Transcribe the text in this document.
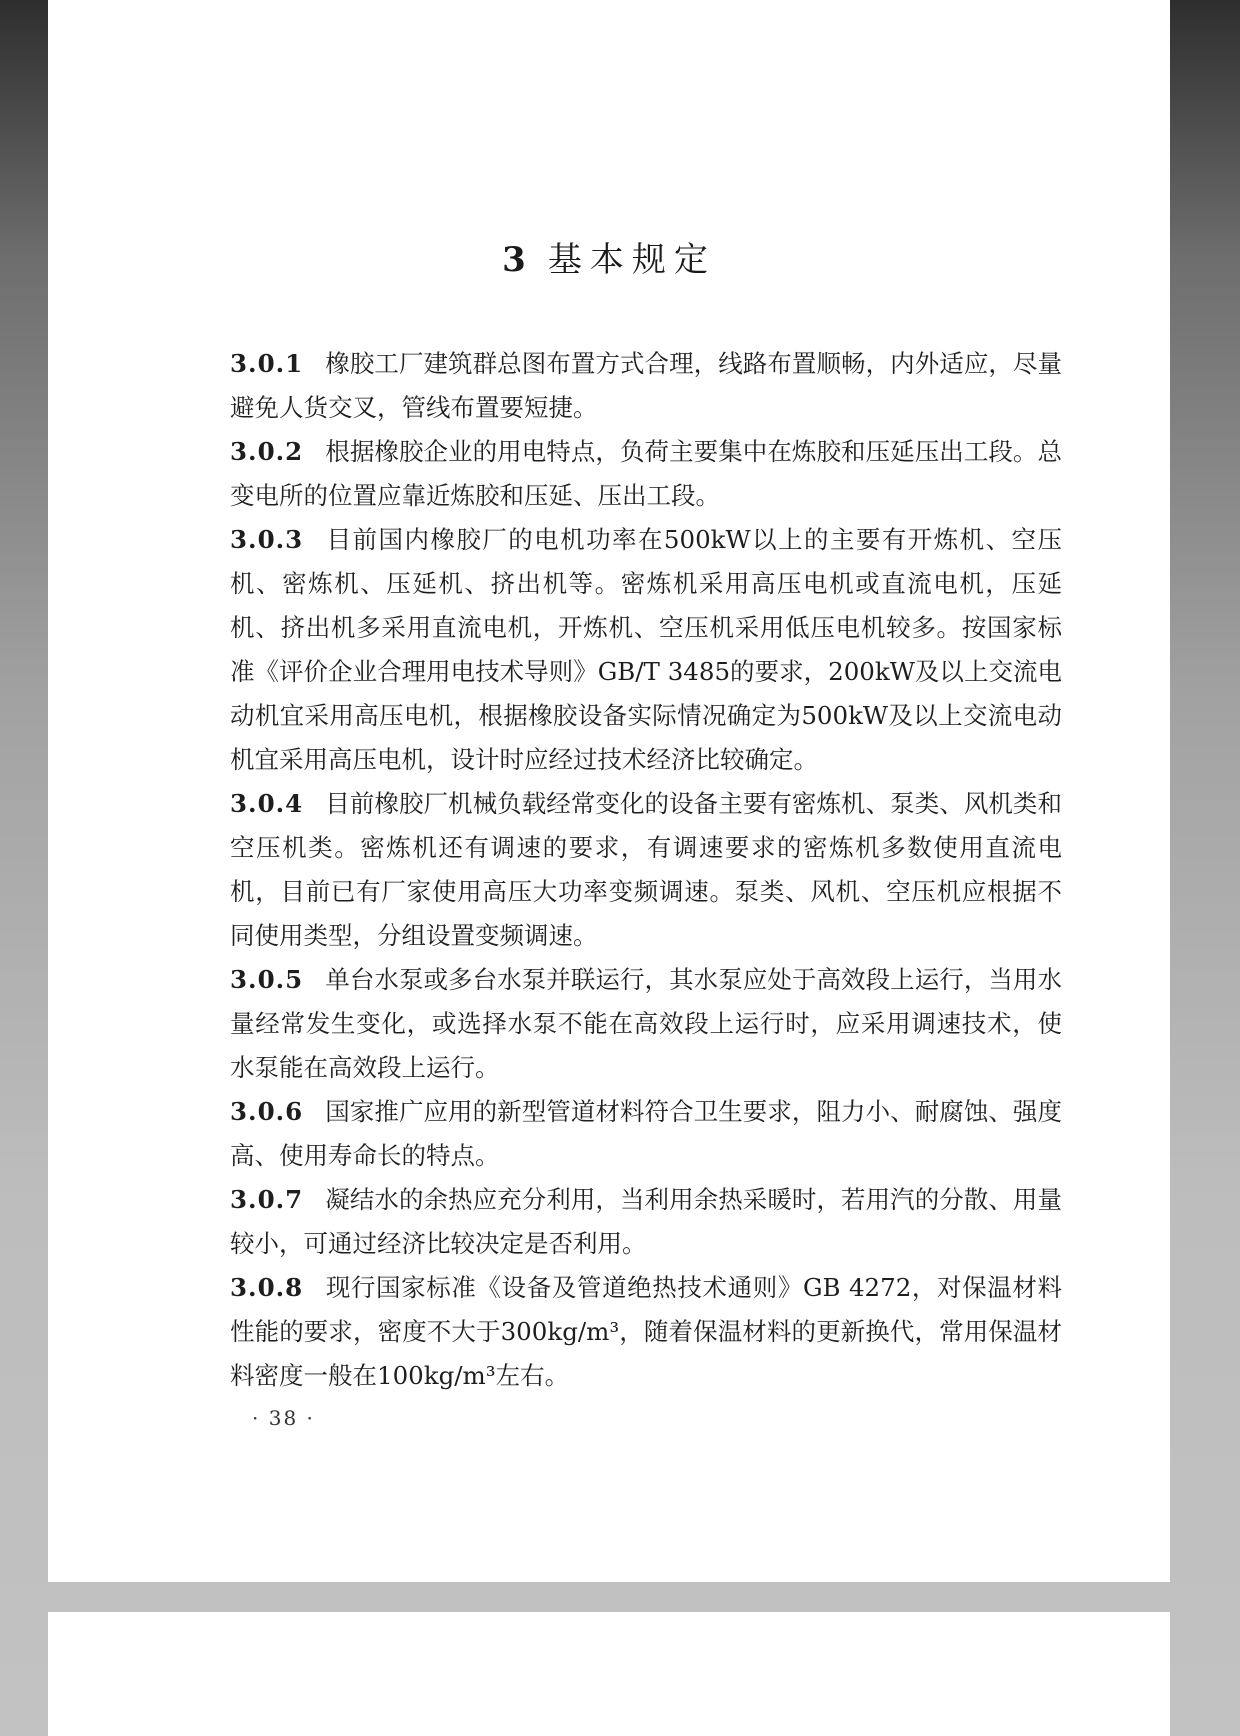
3 基本规定

3.0.1 橡胶工厂建筑群总图布置方式合理，线路布置顺畅，内外适应，尽量避免人货交叉，管线布置要短捷。

3.0.2 根据橡胶企业的用电特点，负荷主要集中在炼胶和压延压出工段。总变电所的位置应靠近炼胶和压延、压出工段。

3.0.3 目前国内橡胶厂的电机功率在500kW以上的主要有开炼机、空压机、密炼机、压延机、挤出机等。密炼机采用高压电机或直流电机，压延机、挤出机多采用直流电机，开炼机、空压机采用低压电机较多。按国家标准《评价企业合理用电技术导则》GB/T 3485的要求，200kW及以上交流电动机宜采用高压电机，根据橡胶设备实际情况确定为500kW及以上交流电动机宜采用高压电机，设计时应经过技术经济比较确定。

3.0.4 目前橡胶厂机械负载经常变化的设备主要有密炼机、泵类、风机类和空压机类。密炼机还有调速的要求，有调速要求的密炼机多数使用直流电机，目前已有厂家使用高压大功率变频调速。泵类、风机、空压机应根据不同使用类型，分组设置变频调速。

3.0.5 单台水泵或多台水泵并联运行，其水泵应处于高效段上运行，当用水量经常发生变化，或选择水泵不能在高效段上运行时，应采用调速技术，使水泵能在高效段上运行。

3.0.6 国家推广应用的新型管道材料符合卫生要求，阻力小、耐腐蚀、强度高、使用寿命长的特点。

3.0.7 凝结水的余热应充分利用，当利用余热采暖时，若用汽的分散、用量较小，可通过经济比较决定是否利用。

3.0.8 现行国家标准《设备及管道绝热技术通则》GB 4272，对保温材料性能的要求，密度不大于300kg/m³，随着保温材料的更新换代，常用保温材料密度一般在100kg/m³左右。

· 38 ·
